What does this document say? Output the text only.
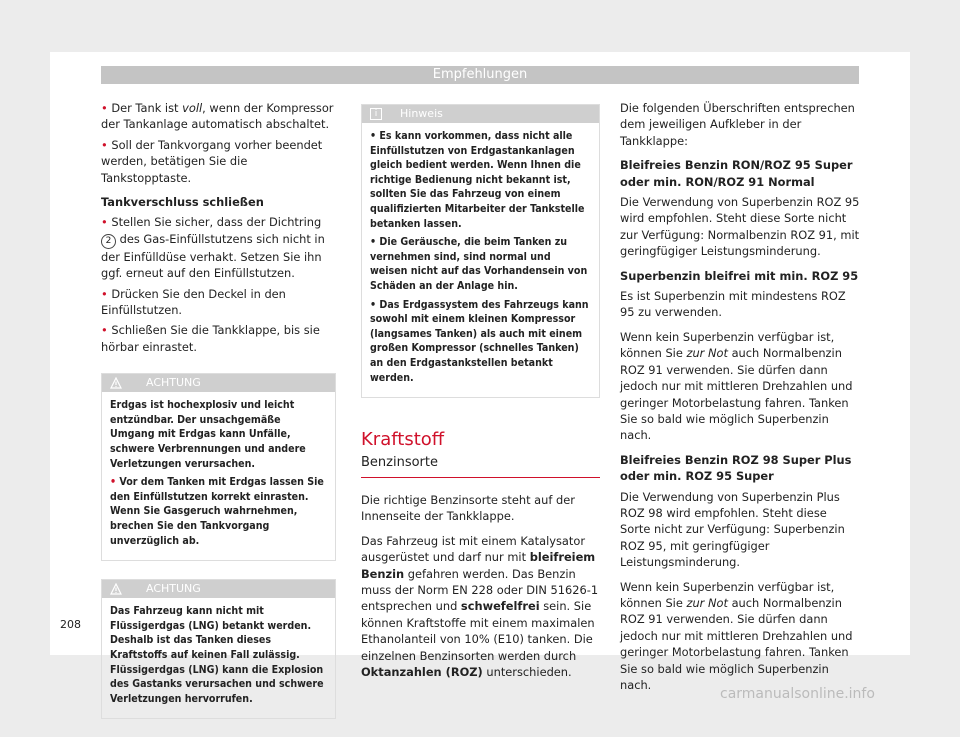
Empfehlungen

• Der Tank ist voll, wenn der Kompressor der Tankanlage automatisch abschaltet.

• Soll der Tankvorgang vorher beendet werden, betätigen Sie die Tankstopptaste.

Tankverschluss schließen

• Stellen Sie sicher, dass der Dichtring 2 des Gas-Einfüllstutzens sich nicht in der Einfülldüse verhakt. Setzen Sie ihn ggf. erneut auf den Einfüllstutzen.

• Drücken Sie den Deckel in den Einfüllstutzen.

• Schließen Sie die Tankklappe, bis sie hörbar einrastet.

ACHTUNG

Erdgas ist hochexplosiv und leicht entzündbar. Der unsachgemäße Umgang mit Erdgas kann Unfälle, schwere Verbrennungen und andere Verletzungen verursachen.

• Vor dem Tanken mit Erdgas lassen Sie den Einfüllstutzen korrekt einrasten. Wenn Sie Gasgeruch wahrnehmen, brechen Sie den Tankvorgang unverzüglich ab.

ACHTUNG

Das Fahrzeug kann nicht mit Flüssigerdgas (LNG) betankt werden. Deshalb ist das Tanken dieses Kraftstoffs auf keinen Fall zulässig. Flüssigerdgas (LNG) kann die Explosion des Gastanks verursachen und schwere Verletzungen hervorrufen.

i	Hinweis

• Es kann vorkommen, dass nicht alle Einfüllstutzen von Erdgastankanlagen gleich bedient werden. Wenn Ihnen die richtige Bedienung nicht bekannt ist, sollten Sie das Fahrzeug von einem qualifizierten Mitarbeiter der Tankstelle betanken lassen.

• Die Geräusche, die beim Tanken zu vernehmen sind, sind normal und weisen nicht auf das Vorhandensein von Schäden an der Anlage hin.

• Das Erdgassystem des Fahrzeugs kann sowohl mit einem kleinen Kompressor (langsames Tanken) als auch mit einem großen Kompressor (schnelles Tanken) an den Erdgastankstellen betankt werden.

Kraftstoff
Benzinsorte

Die richtige Benzinsorte steht auf der Innenseite der Tankklappe.

Das Fahrzeug ist mit einem Katalysator ausgerüstet und darf nur mit bleifreiem Benzin gefahren werden. Das Benzin muss der Norm EN 228 oder DIN 51626-1 entsprechen und schwefelfrei sein. Sie können Kraftstoffe mit einem maximalen Ethanolanteil von 10% (E10) tanken. Die einzelnen Benzinsorten werden durch Oktanzahlen (ROZ) unterschieden.

Die folgenden Überschriften entsprechen dem jeweiligen Aufkleber in der Tankklappe:

Bleifreies Benzin RON/ROZ 95 Super oder min. RON/ROZ 91 Normal

Die Verwendung von Superbenzin ROZ 95 wird empfohlen. Steht diese Sorte nicht zur Verfügung: Normalbenzin ROZ 91, mit geringfügiger Leistungsminderung.

Superbenzin bleifrei mit min. ROZ 95

Es ist Superbenzin mit mindestens ROZ 95 zu verwenden.

Wenn kein Superbenzin verfügbar ist, können Sie zur Not auch Normalbenzin ROZ 91 verwenden. Sie dürfen dann jedoch nur mit mittleren Drehzahlen und geringer Motorbelastung fahren. Tanken Sie so bald wie möglich Superbenzin nach.

Bleifreies Benzin ROZ 98 Super Plus oder min. ROZ 95 Super

Die Verwendung von Superbenzin Plus ROZ 98 wird empfohlen. Steht diese Sorte nicht zur Verfügung: Superbenzin ROZ 95, mit geringfügiger Leistungsminderung.

Wenn kein Superbenzin verfügbar ist, können Sie zur Not auch Normalbenzin ROZ 91 verwenden. Sie dürfen dann jedoch nur mit mittleren Drehzahlen und geringer Motorbelastung fahren. Tanken Sie so bald wie möglich Superbenzin nach.

208
carmanualsonline.info
